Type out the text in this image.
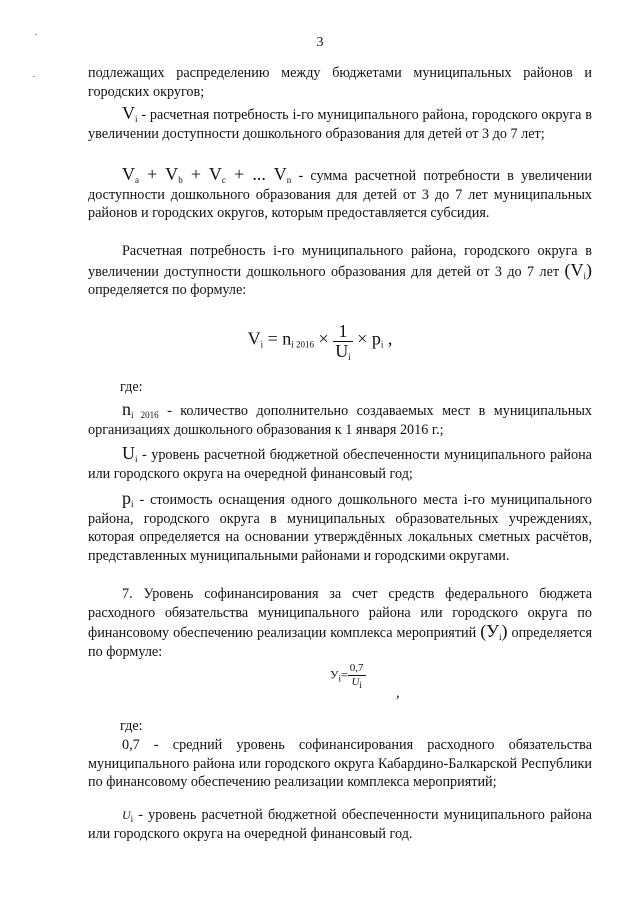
3
·
·	подлежащих распределению между бюджетами муниципальных районов и городских округов;

$V_i$ - расчетная потребность i-го муниципального района, городского округа в увеличении доступности дошкольного образования для детей от 3 до 7 лет;

$V_a + V_b + V_c$ + ... $V_n$ - сумма расчетной потребности в увеличении доступности дошкольного образования для детей от 3 до 7 лет муниципальных районов и городских округов, которым предоставляется субсидия.

Расчетная потребность i-го муниципального района, городского округа в увеличении доступности дошкольного образования для детей от 3 до 7 лет $(V_i)$ определяется по формуле:

$V_i = n_{i 2016} \times \frac{1}{U_i} \times p_i$ ,

где:

$n_{i 2016}$ - количество дополнительно создаваемых мест в муниципальных организациях дошкольного образования к 1 января 2016 г.;

$U_i$ - уровень расчетной бюджетной обеспеченности муниципального района или городского округа на очередной финансовый год;

$p_i$ - стоимость оснащения одного дошкольного места i-го муниципального района, городского округа в муниципальных образовательных учреждениях, которая определяется на основании утверждённых локальных сметных расчётов, представленных муниципальными районами и городскими округами.

7. Уровень софинансирования за счет средств федерального бюджета расходного обязательства муниципального района или городского округа по финансовому обеспечению реализации комплекса мероприятий $(У_i)$ определяется по формуле:

$У_i= \frac{0,7}{U_i}$
,

где:

0,7 - средний уровень софинансирования расходного обязательства муниципального района или городского округа Кабардино-Балкарской Республики по финансовому обеспечению реализации комплекса мероприятий;

$U_i$ - уровень расчетной бюджетной обеспеченности муниципального района или городского округа на очередной финансовый год.
